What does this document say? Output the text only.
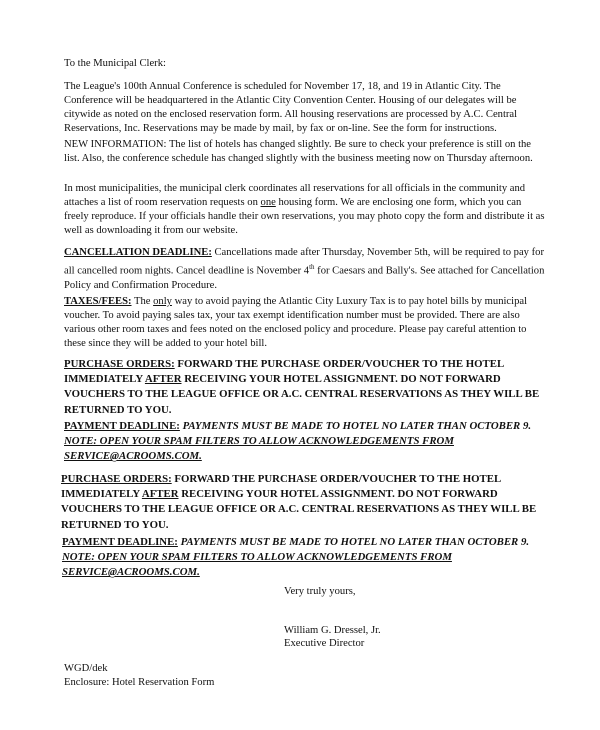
To the Municipal Clerk:
The League's 100th Annual Conference is scheduled for November 17, 18, and 19 in Atlantic City. The Conference will be headquartered in the Atlantic City Convention Center. Housing of our delegates will be citywide as noted on the enclosed reservation form. All housing reservations are processed by A.C. Central Reservations, Inc. Reservations may be made by mail, by fax or on-line. See the form for instructions.
NEW INFORMATION: The list of hotels has changed slightly. Be sure to check your preference is still on the list. Also, the conference schedule has changed slightly with the business meeting now on Thursday afternoon.
In most municipalities, the municipal clerk coordinates all reservations for all officials in the community and attaches a list of room reservation requests on one housing form. We are enclosing one form, which you can freely reproduce. If your officials handle their own reservations, you may photo copy the form and distribute it as well as downloading it from our website.
CANCELLATION DEADLINE: Cancellations made after Thursday, November 5th, will be required to pay for all cancelled room nights. Cancel deadline is November 4th for Caesars and Bally's. See attached for Cancellation Policy and Confirmation Procedure.
TAXES/FEES: The only way to avoid paying the Atlantic City Luxury Tax is to pay hotel bills by municipal voucher. To avoid paying sales tax, your tax exempt identification number must be provided. There are also various other room taxes and fees noted on the enclosed policy and procedure. Please pay careful attention to these since they will be added to your hotel bill.
PURCHASE ORDERS: FORWARD THE PURCHASE ORDER/VOUCHER TO THE HOTEL IMMEDIATELY AFTER RECEIVING YOUR HOTEL ASSIGNMENT. DO NOT FORWARD VOUCHERS TO THE LEAGUE OFFICE OR A.C. CENTRAL RESERVATIONS AS THEY WILL BE RETURNED TO YOU.
PAYMENT DEADLINE: PAYMENTS MUST BE MADE TO HOTEL NO LATER THAN OCTOBER 9.
NOTE: OPEN YOUR SPAM FILTERS TO ALLOW ACKNOWLEDGEMENTS FROM
SERVICE@ACROOMS.COM.
PURCHASE ORDERS: FORWARD THE PURCHASE ORDER/VOUCHER TO THE HOTEL IMMEDIATELY AFTER RECEIVING YOUR HOTEL ASSIGNMENT. DO NOT FORWARD VOUCHERS TO THE LEAGUE OFFICE OR A.C. CENTRAL RESERVATIONS AS THEY WILL BE RETURNED TO YOU.
PAYMENT DEADLINE: PAYMENTS MUST BE MADE TO HOTEL NO LATER THAN OCTOBER 9.
NOTE: OPEN YOUR SPAM FILTERS TO ALLOW ACKNOWLEDGEMENTS FROM
SERVICE@ACROOMS.COM.
Very truly yours,
William G. Dressel, Jr.
Executive Director
WGD/dek
Enclosure: Hotel Reservation Form
